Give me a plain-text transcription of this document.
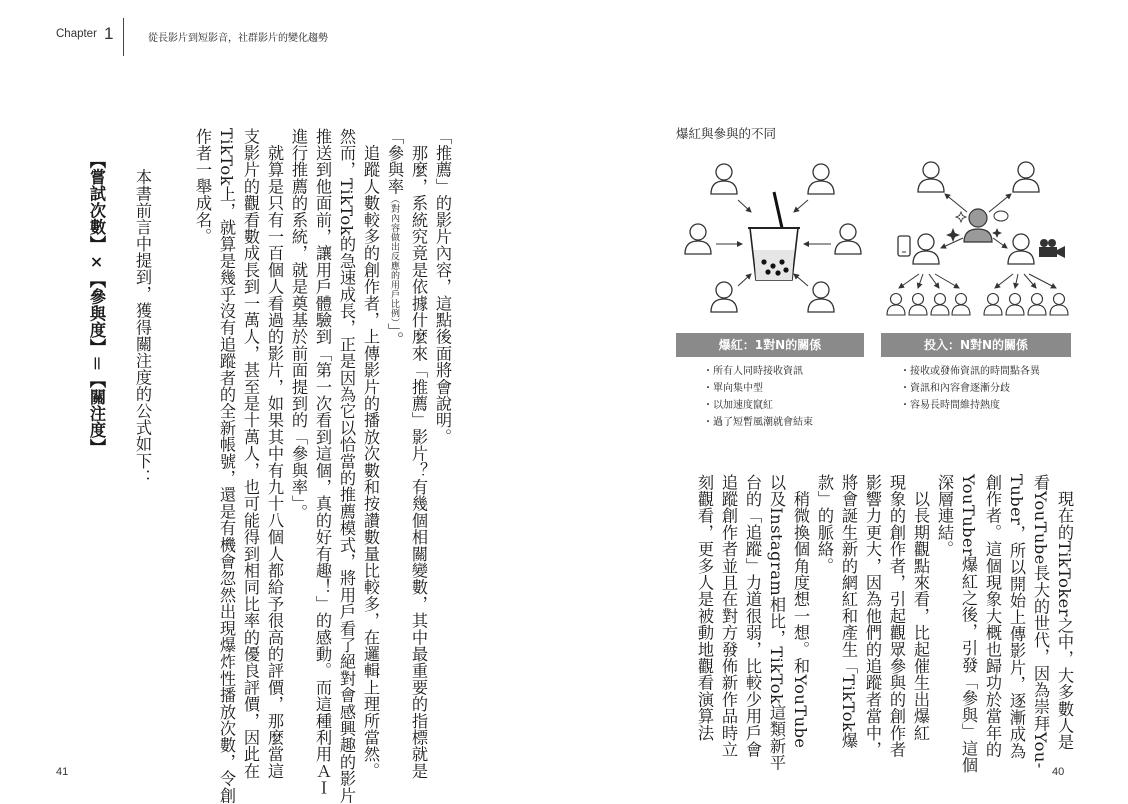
Chapter 1	從長影片到短影音，社群影片的變化趨勢
「推薦」的影片內容，這點後面將會說明。
　那麼，系統究竟是依據什麼來「推薦」影片？有幾個相關變數，其中最重要的指標就是
「參與率（對內容做出反應的用戶比例）」。
　追蹤人數較多的創作者，上傳影片的播放次數和按讚數量比較多，在邏輯上理所當然。
然而，TikTok的急速成長，正是因為它以恰當的推薦模式，將用戶看了絕對會感興趣的影片
推送到他面前，讓用戶體驗到「第一次看到這個，真的好有趣！」的感動。而這種利用ＡＩ
進行推薦的系統，就是奠基於前面提到的「參與率」。
　就算是只有一百個人看過的影片，如果其中有九十八個人都給予很高的評價，那麼當這
支影片的觀看數成長到一萬人，甚至是十萬人，也可能得到相同比率的優良評價，因此在
TikTok上，就算是幾乎沒有追蹤者的全新帳號，還是有機會忽然出現爆炸性播放次數，令創
作者一舉成名。
　本書前言中提到，獲得關注度的公式如下：
【嘗試次數】×【參與度】＝【關注度】
　現在的TikToker之中，大多數人是
看YouTube長大的世代，因為崇拜You-
Tuber，所以開始上傳影片，逐漸成為
創作者。這個現象大概也歸功於當年的
YouTuber爆紅之後，引發「參與」這個
深層連結。
　以長期觀點來看，比起催生出爆紅
現象的創作者，引起觀眾參與的創作者
影響力更大，因為他們的追蹤者當中，
將會誕生新的網紅和產生「TikTok爆
款」的脈絡。
　稍微換個角度想一想。和YouTube
以及Instagram相比，TikTok這類新平
台的「追蹤」力道很弱，比較少用戶會
追蹤創作者並且在對方發佈新作品時立
刻觀看，更多人是被動地觀看演算法
爆紅與參與的不同
爆紅：1對N的關係	投入：N對N的關係
・ 所有人同時接收資訊
・ 單向集中型
・ 以加速度竄紅
・ 過了短暫風潮就會結束
・ 接收或發佈資訊的時間點各異
・ 資訊和內容會逐漸分歧
・ 容易長時間維持熱度
41	40
